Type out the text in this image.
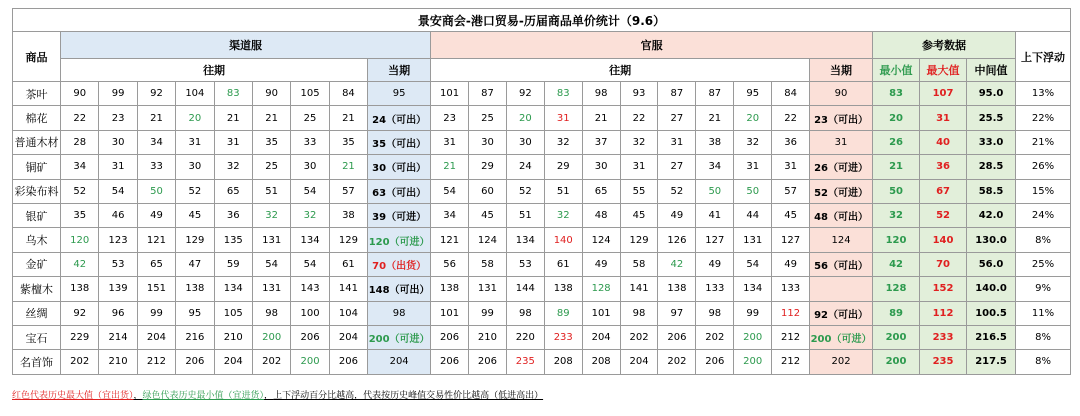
景安商会-港口贸易-历届商品单价统计（9.6）																								
商品	渠道服									官服											参考数据			上下浮动
	往期								当期	往期										当期	最小值	最大值	中间值	
茶叶	90	99	92	104	83	90	105	84	95	101	87	92	83	98	93	87	87	95	84	90	83	107	95.0	13%
棉花	22	23	21	20	21	21	25	21	24（可出）	23	25	20	31	21	22	27	21	20	22	23（可出）	20	31	25.5	22%
普通木材	28	30	34	31	31	35	33	35	35（可出）	31	30	30	32	37	32	31	38	32	36	31	26	40	33.0	21%
铜矿	34	31	33	30	32	25	30	21	30（可出）	21	29	24	29	30	31	27	34	31	31	26（可进）	21	36	28.5	26%
彩染布料	52	54	50	52	65	51	54	57	63（可出）	54	60	52	51	65	55	52	50	50	57	52（可进）	50	67	58.5	15%
银矿	35	46	49	45	36	32	32	38	39（可进）	34	45	51	32	48	45	49	41	44	45	48（可出）	32	52	42.0	24%
乌木	120	123	121	129	135	131	134	129	120（可进）	121	124	134	140	124	129	126	127	131	127	124	120	140	130.0	8%
金矿	42	53	65	47	59	54	54	61	70（出货）	56	58	53	61	49	58	42	49	54	49	56（可出）	42	70	56.0	25%
紫檀木	138	139	151	138	134	131	143	141	148（可出）	138	131	144	138	128	141	138	133	134	133		128	152	140.0	9%
丝绸	92	96	99	95	105	98	100	104	98	101	99	98	89	101	98	97	98	99	112	92（可出）	89	112	100.5	11%
宝石	229	214	204	216	210	200	206	204	200（可进）	206	210	220	233	204	202	206	202	200	212	200（可进）	200	233	216.5	8%
名首饰	202	210	212	206	204	202	200	206	204	206	206	235	208	208	204	202	206	200	212	202	200	235	217.5	8%
红色代表历史最大值（宜出货），绿色代表历史最小值（宜进货），上下浮动百分比越高，代表按历史峰值交易性价比越高（低进高出）
